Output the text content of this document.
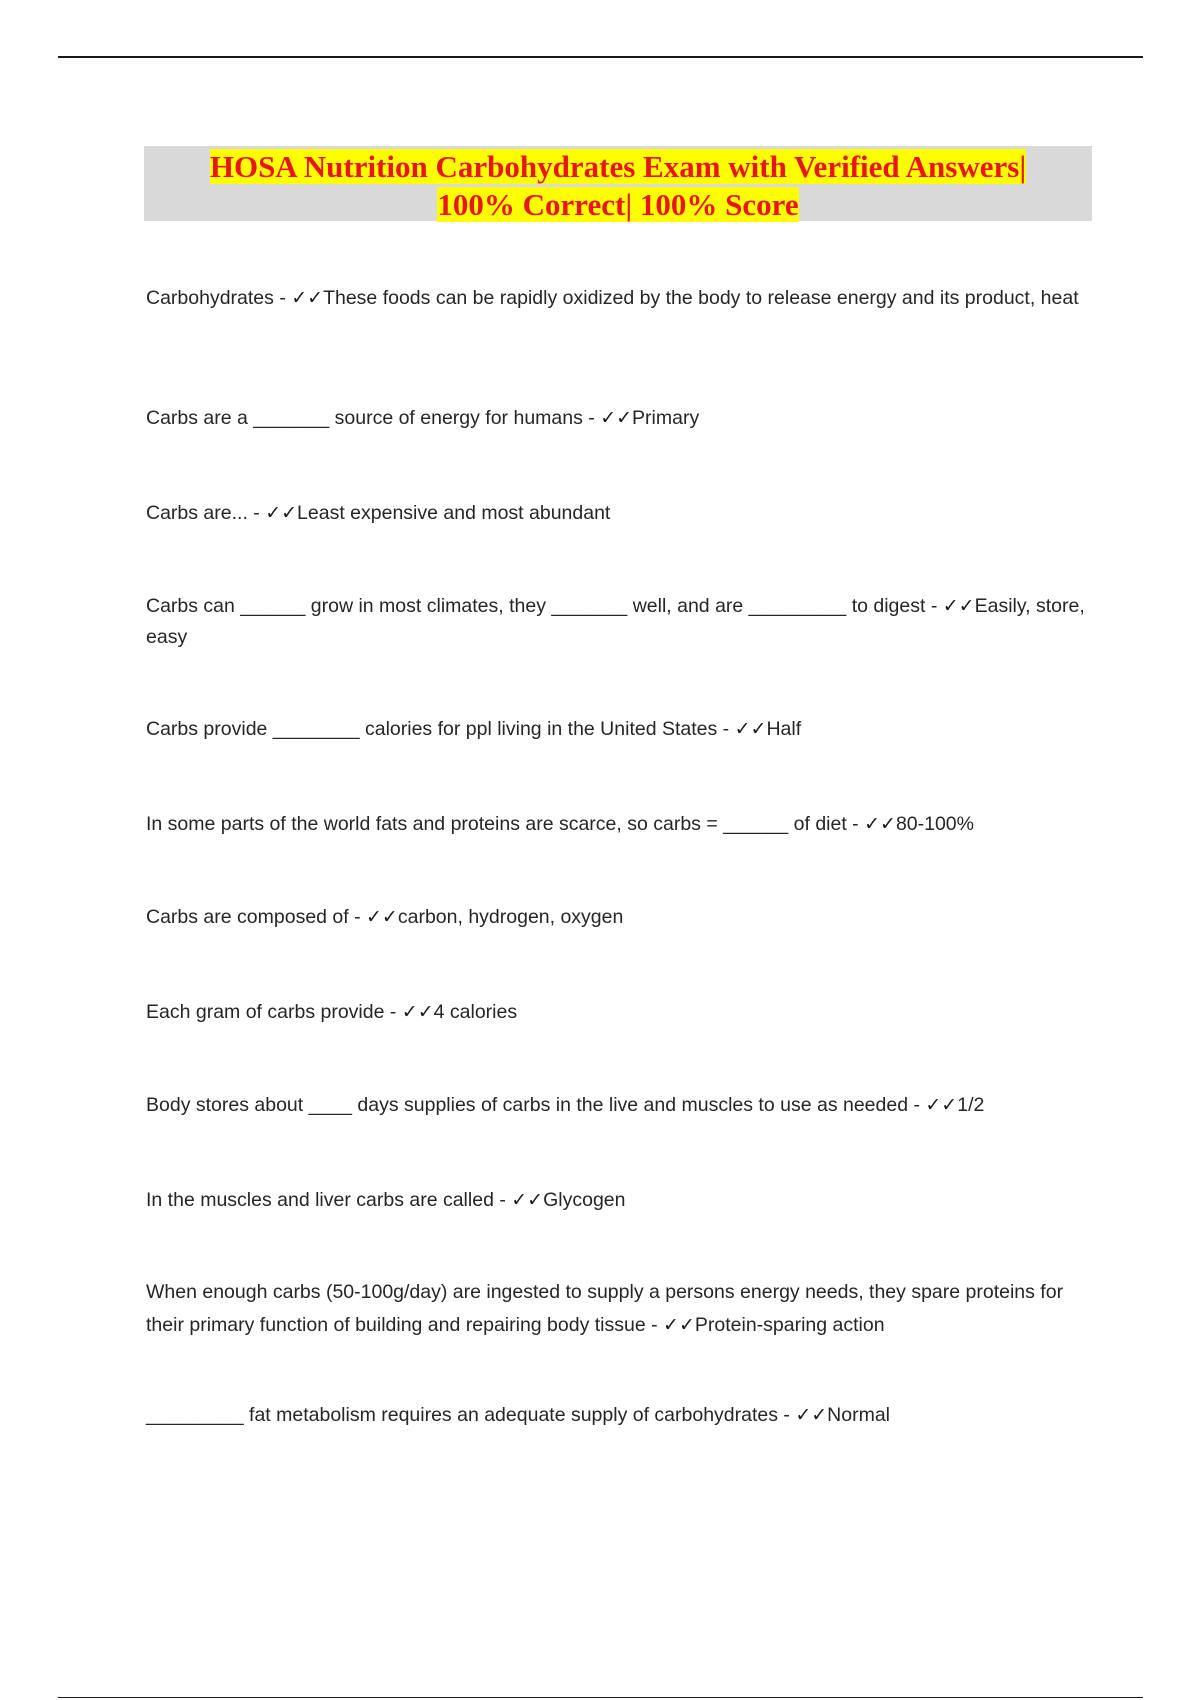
HOSA Nutrition Carbohydrates Exam with Verified Answers|
100% Correct| 100% Score
Carbohydrates - ✓✓These foods can be rapidly oxidized by the body to release energy and its product, heat
Carbs are a _______ source of energy for humans - ✓✓Primary
Carbs are... - ✓✓Least expensive and most abundant
Carbs can ______ grow in most climates, they _______ well, and are _________ to digest - ✓✓Easily, store, easy
Carbs provide ________ calories for ppl living in the United States - ✓✓Half
In some parts of the world fats and proteins are scarce, so carbs = ______ of diet - ✓✓80-100%
Carbs are composed of - ✓✓carbon, hydrogen, oxygen
Each gram of carbs provide - ✓✓4 calories
Body stores about ____ days supplies of carbs in the live and muscles to use as needed - ✓✓1/2
In the muscles and liver carbs are called - ✓✓Glycogen
When enough carbs (50-100g/day) are ingested to supply a persons energy needs, they spare proteins for their primary function of building and repairing body tissue - ✓✓Protein-sparing action
_________ fat metabolism requires an adequate supply of carbohydrates - ✓✓Normal
